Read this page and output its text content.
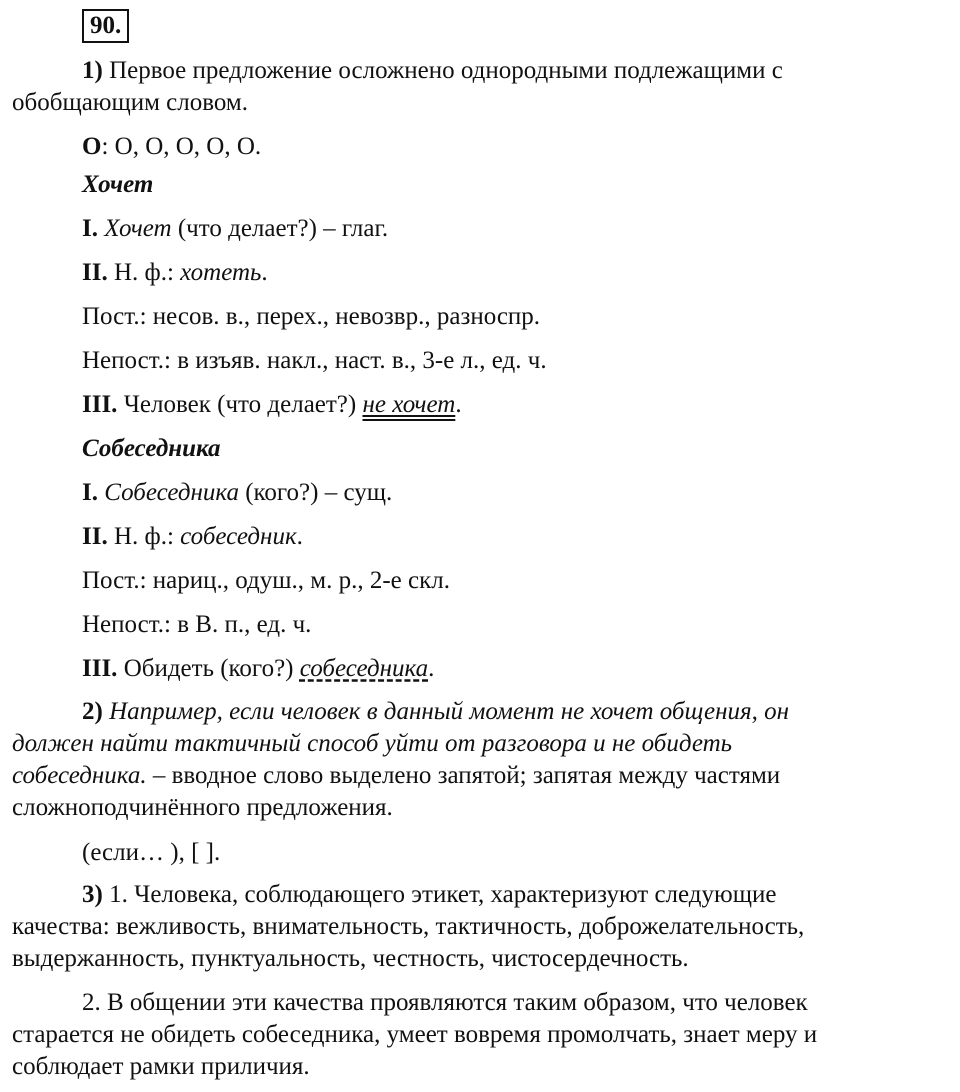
90.
1) Первое предложение осложнено однородными подлежащими с
обобщающим словом.
О: О, О, О, О, О.
Хочет
I. Хочет (что делает?) – глаг.
II. Н. ф.: хотеть.
Пост.: несов. в., перех., невозвр., разноспр.
Непост.: в изъяв. накл., наст. в., 3-е л., ед. ч.
III. Человек (что делает?) не хочет.
Собеседника
I. Собеседника (кого?) – сущ.
II. Н. ф.: собеседник.
Пост.: нариц., одуш., м. р., 2-е скл.
Непост.: в В. п., ед. ч.
III. Обидеть (кого?) собеседника.
2) Например, если человек в данный момент не хочет общения, он
должен найти тактичный способ уйти от разговора и не обидеть
собеседника. – вводное слово выделено запятой; запятая между частями
сложноподчинённого предложения.
(если… ), [ ].
3) 1. Человека, соблюдающего этикет, характеризуют следующие
качества: вежливость, внимательность, тактичность, доброжелательность,
выдержанность, пунктуальность, честность, чистосердечность.
2. В общении эти качества проявляются таким образом, что человек
старается не обидеть собеседника, умеет вовремя промолчать, знает меру и
соблюдает рамки приличия.
